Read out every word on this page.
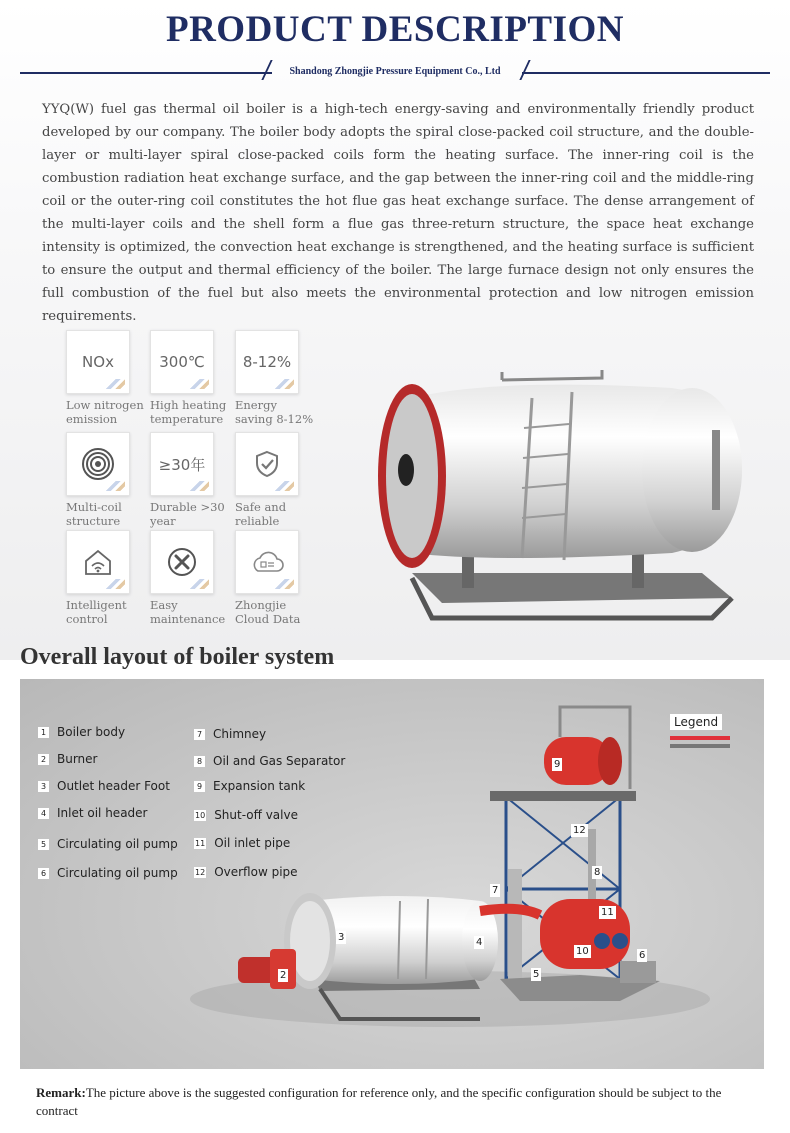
PRODUCT DESCRIPTION
Shandong Zhongjie Pressure Equipment Co., Ltd

YYQ(W) fuel gas thermal oil boiler is a high-tech energy-saving and environmentally friendly product developed by our company. The boiler body adopts the spiral close-packed coil structure, and the double-layer or multi-layer spiral close-packed coils form the heating surface. The inner-ring coil is the combustion radiation heat exchange surface, and the gap between the inner-ring coil and the middle-ring coil or the outer-ring coil constitutes the hot flue gas heat exchange surface. The dense arrangement of the multi-layer coils and the shell form a flue gas three-return structure, the space heat exchange intensity is optimized, the convection heat exchange is strengthened, and the heating surface is sufficient to ensure the output and thermal efficiency of the boiler. The large furnace design not only ensures the full combustion of the fuel but also meets the environmental protection and low nitrogen emission requirements.

NOx
Low nitrogen emission
300℃
High heating temperature
8-12%
Energy saving 8-12%
Multi-coil structure
≥30年
Durable >30 year
Safe and reliable
Intelligent control
Easy maintenance
Zhongjie Cloud Data
Overall layout of boiler system
1 Boiler body
2 Burner
3 Outlet header Foot
4 Inlet oil header
5 Circulating oil pump
6 Circulating oil pump
7 Chimney
8 Oil and Gas Separator
9 Expansion tank
10 Shut-off valve
11 Oil inlet pipe
12 Overflow pipe
Legend
2
3	4
5
6
7
8
9
10
11
12

Remark:The picture above is the suggested configuration for reference only, and the specific configuration should be subject to the contract
